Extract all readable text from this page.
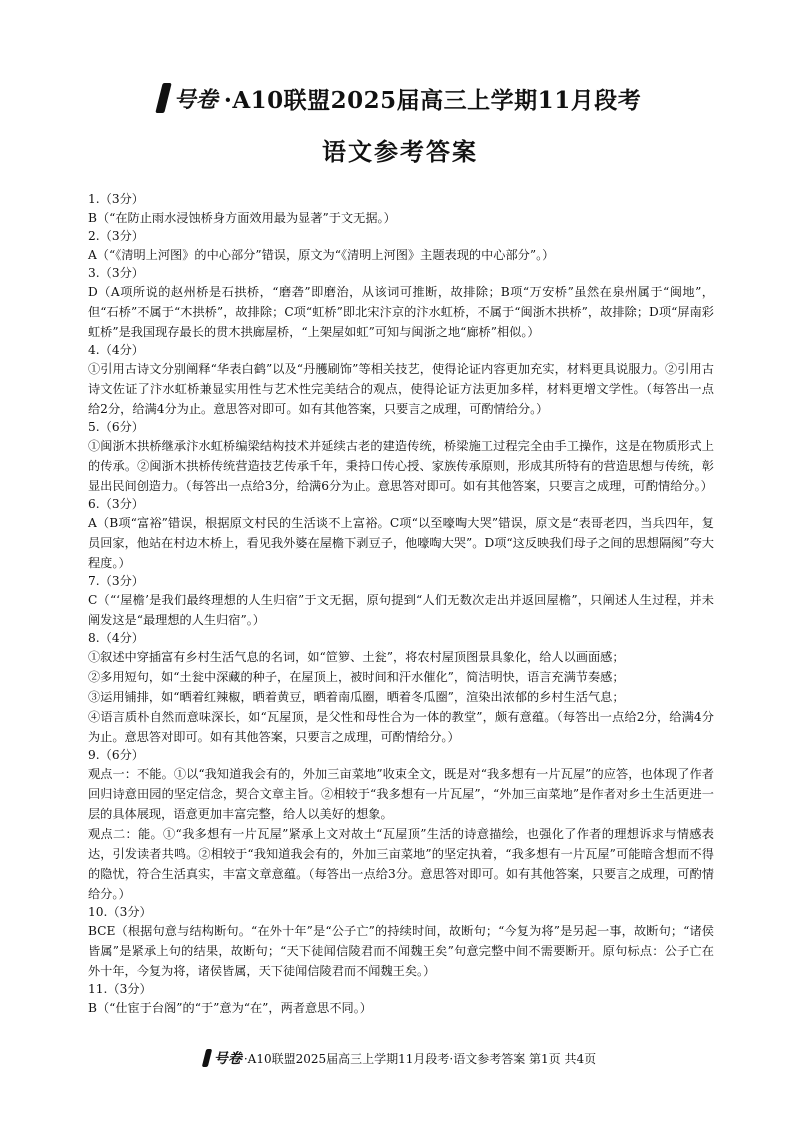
号卷 ·A10联盟2025届高三上学期11月段考
语文参考答案
1.（3分）

B（“在防止雨水浸蚀桥身方面效用最为显著”于文无据。）

2.（3分）

A（“《清明上河图》的中心部分”错误，原文为“《清明上河图》主题表现的中心部分”。）

3.（3分）

D（A项所说的赵州桥是石拱桥，“磨砻”即磨治，从该词可推断，故排除；B项“万安桥”虽然在泉州属于“闽地”，但“石桥”不属于“木拱桥”，故排除；C项“虹桥”即北宋汴京的汴水虹桥，不属于“闽浙木拱桥”，故排除；D项“屏南彩虹桥”是我国现存最长的贯木拱廊屋桥，“上架屋如虹”可知与闽浙之地“廊桥”相似。）

4.（4分）

①引用古诗文分别阐释“华表白鹤”以及“丹雘刷饰”等相关技艺，使得论证内容更加充实，材料更具说服力。②引用古诗文佐证了汴水虹桥兼显实用性与艺术性完美结合的观点，使得论证方法更加多样，材料更增文学性。（每答出一点给2分，给满4分为止。意思答对即可。如有其他答案，只要言之成理，可酌情给分。）

5.（6分）

①闽浙木拱桥继承汴水虹桥编梁结构技术并延续古老的建造传统，桥梁施工过程完全由手工操作，这是在物质形式上的传承。②闽浙木拱桥传统营造技艺传承千年，秉持口传心授、家族传承原则，形成其所特有的营造思想与传统，彰显出民间创造力。（每答出一点给3分，给满6分为止。意思答对即可。如有其他答案，只要言之成理，可酌情给分。）

6.（3分）

A（B项“富裕”错误，根据原文村民的生活谈不上富裕。C项“以至嚎啕大哭”错误，原文是“表哥老四，当兵四年，复员回家，他站在村边木桥上，看见我外婆在屋檐下剥豆子，他嚎啕大哭”。D项“这反映我们母子之间的思想隔阂”夸大程度。）

7.（3分）

C（“‘屋檐’是我们最终理想的人生归宿”于文无据，原句提到“人们无数次走出并返回屋檐”，只阐述人生过程，并未阐发这是“最理想的人生归宿”。）

8.（4分）

①叙述中穿插富有乡村生活气息的名词，如“笸箩、土瓮”，将农村屋顶图景具象化，给人以画面感；

②多用短句，如“土瓮中深藏的种子，在屋顶上，被时间和汗水催化”，简洁明快，语言充满节奏感；

③运用铺排，如“晒着红辣椒，晒着黄豆，晒着南瓜圈，晒着冬瓜圈”，渲染出浓郁的乡村生活气息；

④语言质朴自然而意味深长，如“瓦屋顶，是父性和母性合为一体的教堂”，颇有意蕴。（每答出一点给2分，给满4分为止。意思答对即可。如有其他答案，只要言之成理，可酌情给分。）

9.（6分）

观点一：不能。①以“我知道我会有的，外加三亩菜地”收束全文，既是对“我多想有一片瓦屋”的应答，也体现了作者回归诗意田园的坚定信念，契合文章主旨。②相较于“我多想有一片瓦屋”，“外加三亩菜地”是作者对乡土生活更进一层的具体展现，语意更加丰富完整，给人以美好的想象。

观点二：能。①“我多想有一片瓦屋”紧承上文对故土“瓦屋顶”生活的诗意描绘，也强化了作者的理想诉求与情感表达，引发读者共鸣。②相较于“我知道我会有的，外加三亩菜地”的坚定执着，“我多想有一片瓦屋”可能暗含想而不得的隐忧，符合生活真实，丰富文章意蕴。（每答出一点给3分。意思答对即可。如有其他答案，只要言之成理，可酌情给分。）

10.（3分）

BCE（根据句意与结构断句。“在外十年”是“公子亡”的持续时间，故断句；“今复为将”是另起一事，故断句；“诸侯皆属”是紧承上句的结果，故断句；“天下徒闻信陵君而不闻魏王矣”句意完整中间不需要断开。原句标点：公子亡在外十年，今复为将，诸侯皆属，天下徒闻信陵君而不闻魏王矣。）

11.（3分）

B（“仕宦于台阁”的“于”意为“在”，两者意思不同。）

号卷 ·A10联盟2025届高三上学期11月段考·语文参考答案 第1页 共4页
